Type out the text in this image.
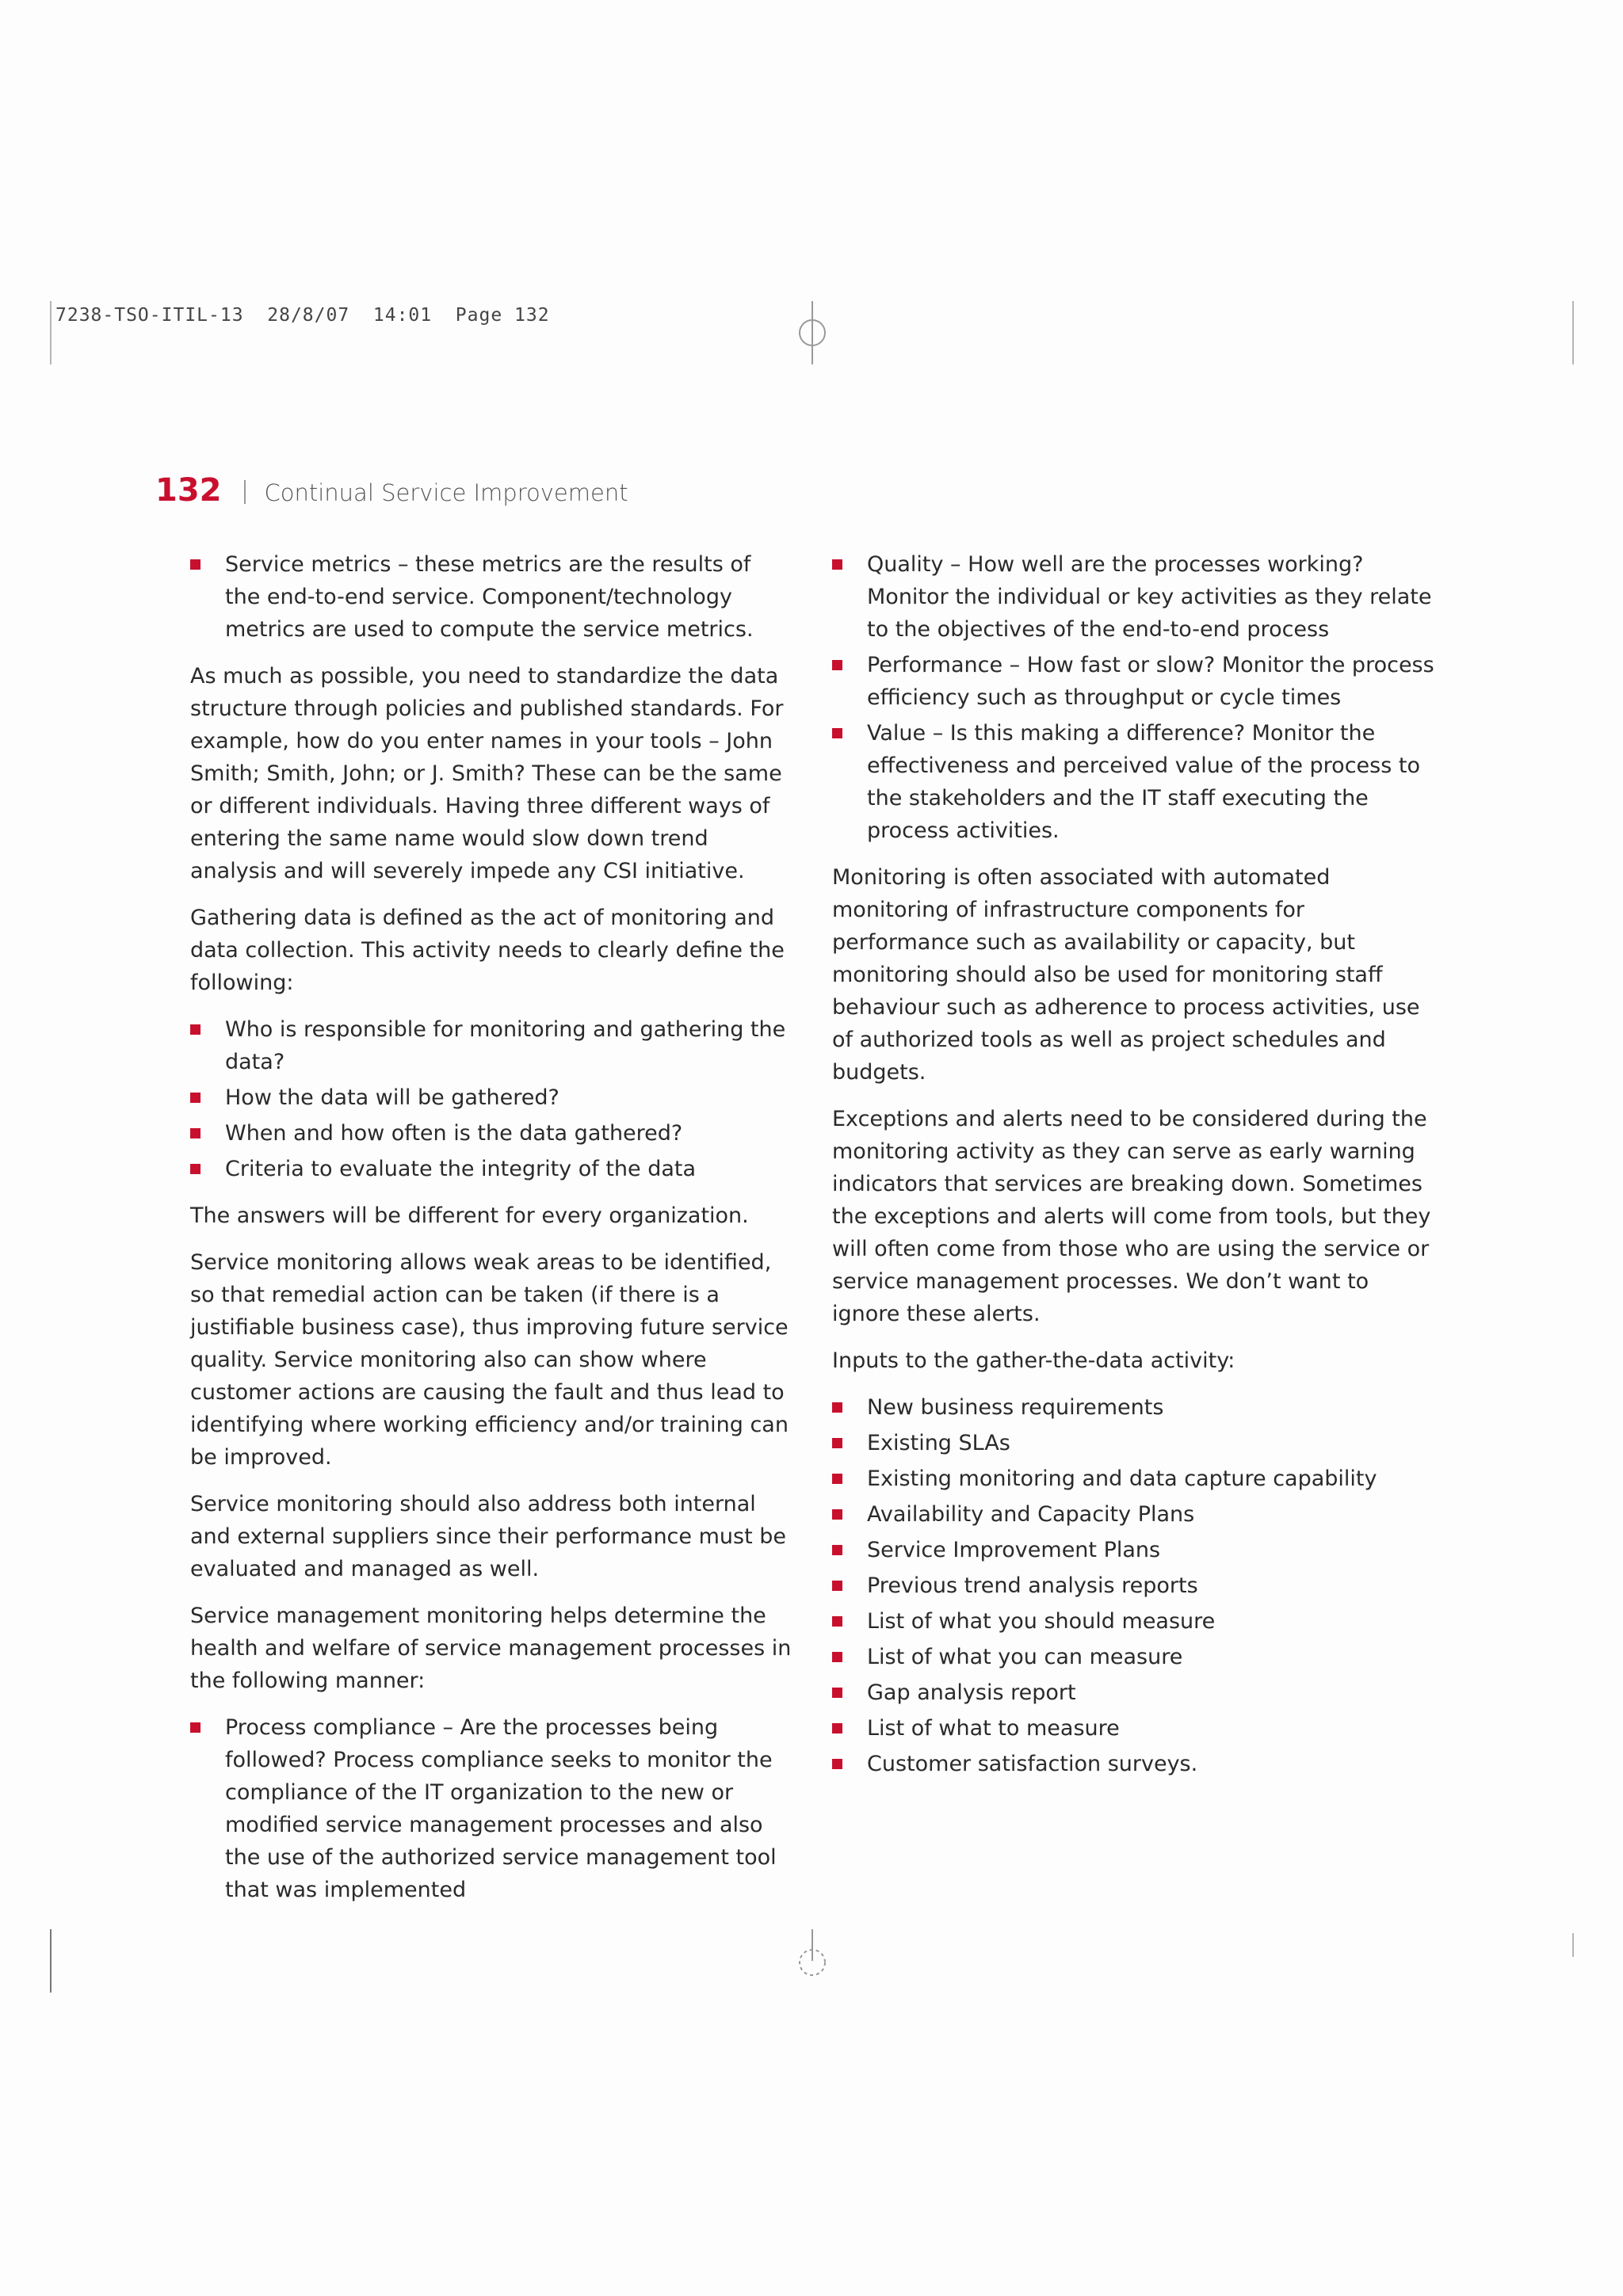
7238-TSO-ITIL-13  28/8/07  14:01  Page 132
132 Continual Service Improvement
Service metrics – these metrics are the results of the end-to-end service. Component/technology metrics are used to compute the service metrics.

As much as possible, you need to standardize the data structure through policies and published standards. For example, how do you enter names in your tools – John Smith; Smith, John; or J. Smith? These can be the same or different individuals. Having three different ways of entering the same name would slow down trend analysis and will severely impede any CSI initiative.

Gathering data is defined as the act of monitoring and data collection. This activity needs to clearly define the following:

Who is responsible for monitoring and gathering the data?
How the data will be gathered?
When and how often is the data gathered?
Criteria to evaluate the integrity of the data

The answers will be different for every organization.

Service monitoring allows weak areas to be identified, so that remedial action can be taken (if there is a justifiable business case), thus improving future service quality. Service monitoring also can show where customer actions are causing the fault and thus lead to identifying where working efficiency and/or training can be improved.

Service monitoring should also address both internal and external suppliers since their performance must be evaluated and managed as well.

Service management monitoring helps determine the health and welfare of service management processes in the following manner:

Process compliance – Are the processes being followed? Process compliance seeks to monitor the compliance of the IT organization to the new or modified service management processes and also the use of the authorized service management tool that was implemented
Quality – How well are the processes working? Monitor the individual or key activities as they relate to the objectives of the end-to-end process
Performance – How fast or slow? Monitor the process efficiency such as throughput or cycle times
Value – Is this making a difference? Monitor the effectiveness and perceived value of the process to the stakeholders and the IT staff executing the process activities.

Monitoring is often associated with automated monitoring of infrastructure components for performance such as availability or capacity, but monitoring should also be used for monitoring staff behaviour such as adherence to process activities, use of authorized tools as well as project schedules and budgets.

Exceptions and alerts need to be considered during the monitoring activity as they can serve as early warning indicators that services are breaking down. Sometimes the exceptions and alerts will come from tools, but they will often come from those who are using the service or service management processes. We don’t want to ignore these alerts.

Inputs to the gather-the-data activity:

New business requirements
Existing SLAs
Existing monitoring and data capture capability
Availability and Capacity Plans
Service Improvement Plans
Previous trend analysis reports
List of what you should measure
List of what you can measure
Gap analysis report
List of what to measure
Customer satisfaction surveys.
